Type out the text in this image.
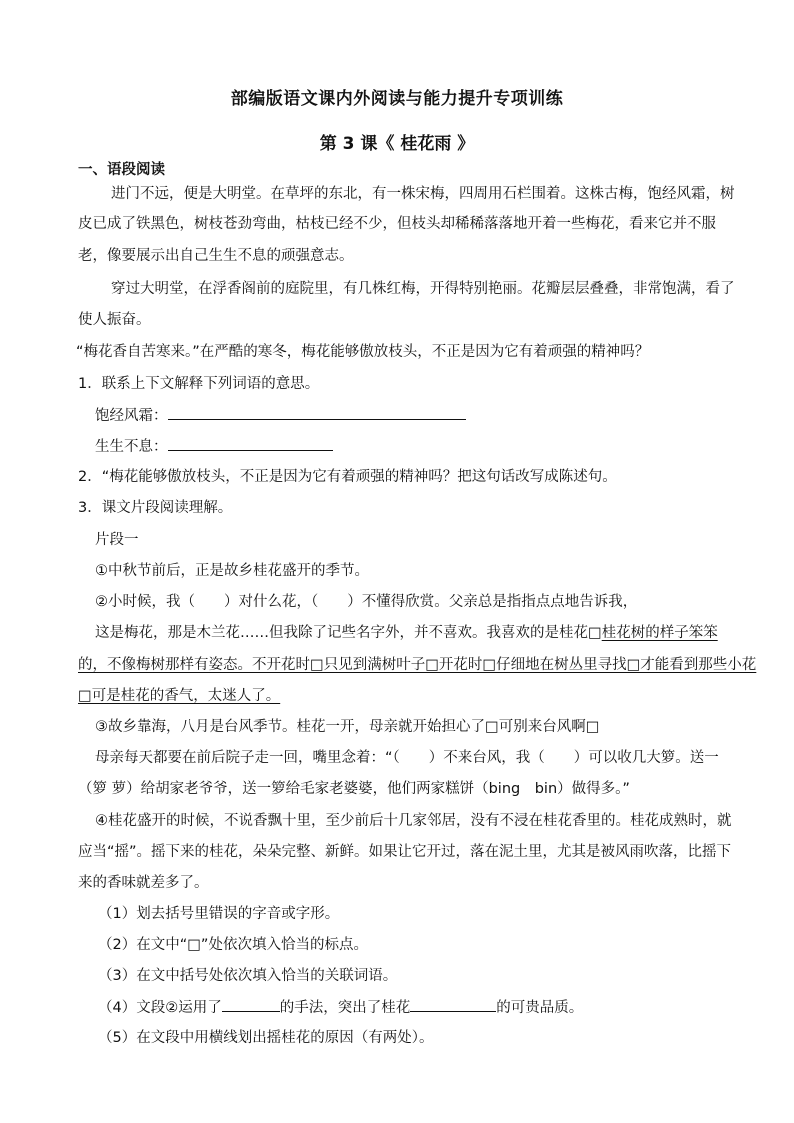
部编版语文课内外阅读与能力提升专项训练
第 3 课《 桂花雨 》
一、语段阅读
进门不远，便是大明堂。在草坪的东北，有一株宋梅，四周用石栏围着。这株古梅，饱经风霜，树
皮已成了铁黑色，树枝苍劲弯曲，枯枝已经不少，但枝头却稀稀落落地开着一些梅花，看来它并不服
老，像要展示出自己生生不息的顽强意志。
穿过大明堂，在浮香阁前的庭院里，有几株红梅，开得特别艳丽。花瓣层层叠叠，非常饱满，看了
使人振奋。
“梅花香自苦寒来。”在严酷的寒冬，梅花能够傲放枝头，不正是因为它有着顽强的精神吗？
1．联系上下文解释下列词语的意思。
饱经风霜：
生生不息：
2．“梅花能够傲放枝头，不正是因为它有着顽强的精神吗？把这句话改写成陈述句。
3．课文片段阅读理解。
片段一
①中秋节前后，正是故乡桂花盛开的季节。
②小时候，我（　　）对什么花，（　　）不懂得欣赏。父亲总是指指点点地告诉我，
这是梅花，那是木兰花……但我除了记些名字外，并不喜欢。我喜欢的是桂花□桂花树的样子笨笨
的，不像梅树那样有姿态。不开花时□只见到满树叶子□开花时□仔细地在树丛里寻找□才能看到那些小花
□可是桂花的香气，太迷人了。
③故乡靠海，八月是台风季节。桂花一开，母亲就开始担心了□可别来台风啊□
母亲每天都要在前后院子走一回，嘴里念着：“（　　）不来台风，我（　　）可以收几大箩。送一
（箩 萝）给胡家老爷爷，送一箩给毛家老婆婆，他们两家糕饼（bing　bin）做得多。”
④桂花盛开的时候，不说香飘十里，至少前后十几家邻居，没有不浸在桂花香里的。桂花成熟时，就
应当“摇”。摇下来的桂花，朵朵完整、新鲜。如果让它开过，落在泥土里，尤其是被风雨吹落，比摇下
来的香味就差多了。
（1）划去括号里错误的字音或字形。
（2）在文中“□”处依次填入恰当的标点。
（3）在文中括号处依次填入恰当的关联词语。
（4）文段②运用了	的手法，突出了桂花	的可贵品质。
（5）在文段中用横线划出摇桂花的原因（有两处）。
